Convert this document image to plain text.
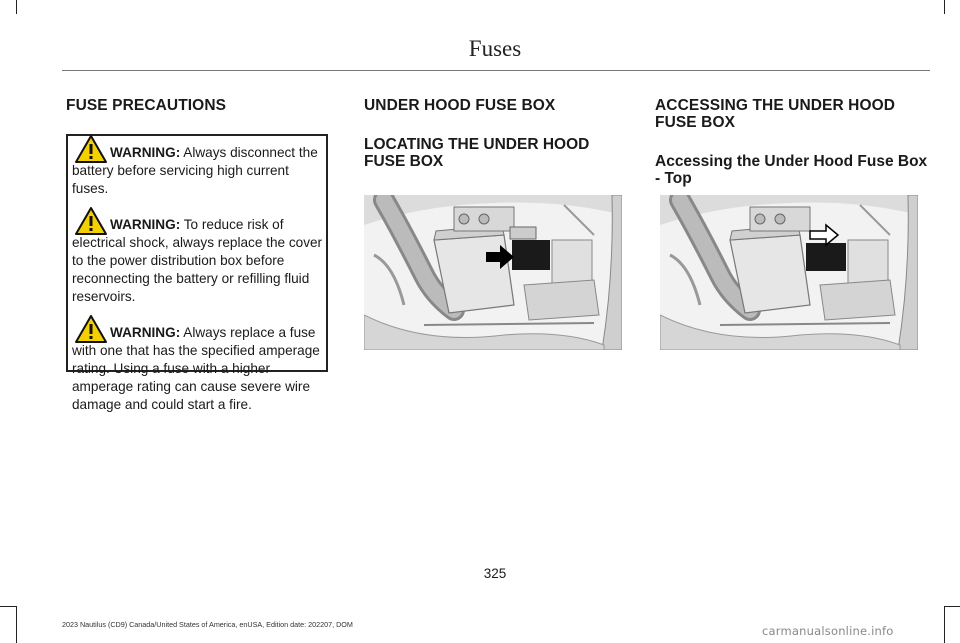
Fuses
FUSE PRECAUTIONS
WARNING: Always disconnect the battery before servicing high current fuses.
WARNING: To reduce risk of electrical shock, always replace the cover to the power distribution box before reconnecting the battery or refilling fluid reservoirs.
WARNING: Always replace a fuse with one that has the specified amperage rating. Using a fuse with a higher amperage rating can cause severe wire damage and could start a fire.
UNDER HOOD FUSE BOX
LOCATING THE UNDER HOOD FUSE BOX
ACCESSING THE UNDER HOOD FUSE BOX
Accessing the Under Hood Fuse Box - Top
325
2023 Nautilus (CD9) Canada/United States of America, enUSA, Edition date: 202207, DOM	carmanualsonline.info
